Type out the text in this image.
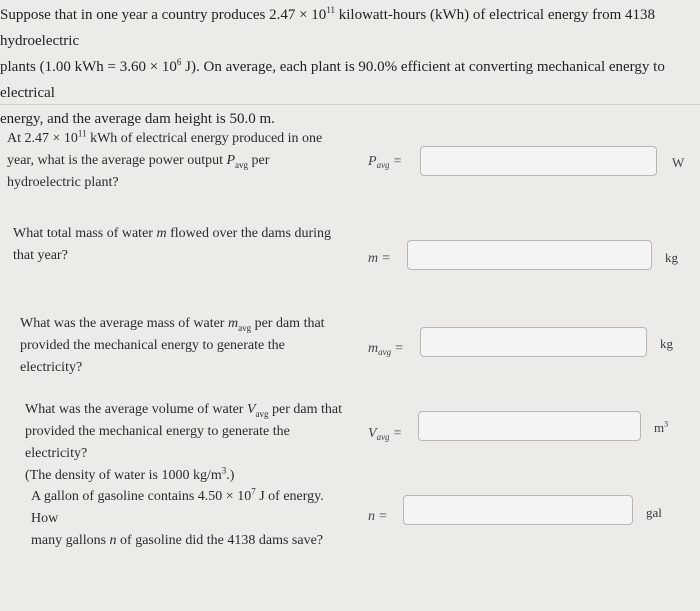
Suppose that in one year a country produces $2.47 \times 10^{11}$ kilowatt-hours (kWh) of electrical energy from 4138 hydroelectric

plants (1.00 kWh = $3.60 \times 10^6$ J). On average, each plant is 90.0% efficient at converting mechanical energy to electrical

energy, and the average dam height is 50.0 m.

At $2.47 \times 10^{11}$ kWh of electrical energy produced in one

year, what is the average power output $P_{avg}$ per

hydroelectric plant?

$P_{avg}$ =	W

What total mass of water m flowed over the dams during

that year?	m =	kg

What was the average mass of water $m_{avg}$ per dam that

provided the mechanical energy to generate the electricity?

$m_{avg}$ =	kg

What was the average volume of water $V_{avg}$ per dam that

provided the mechanical energy to generate the electricity?

(The density of water is 1000 $kg/m^3$.)

$V_{avg}$ =	$m^3$

A gallon of gasoline contains $4.50 \times 10^7$ J of energy. How

many gallons n of gasoline did the 4138 dams save?

n =	gal
